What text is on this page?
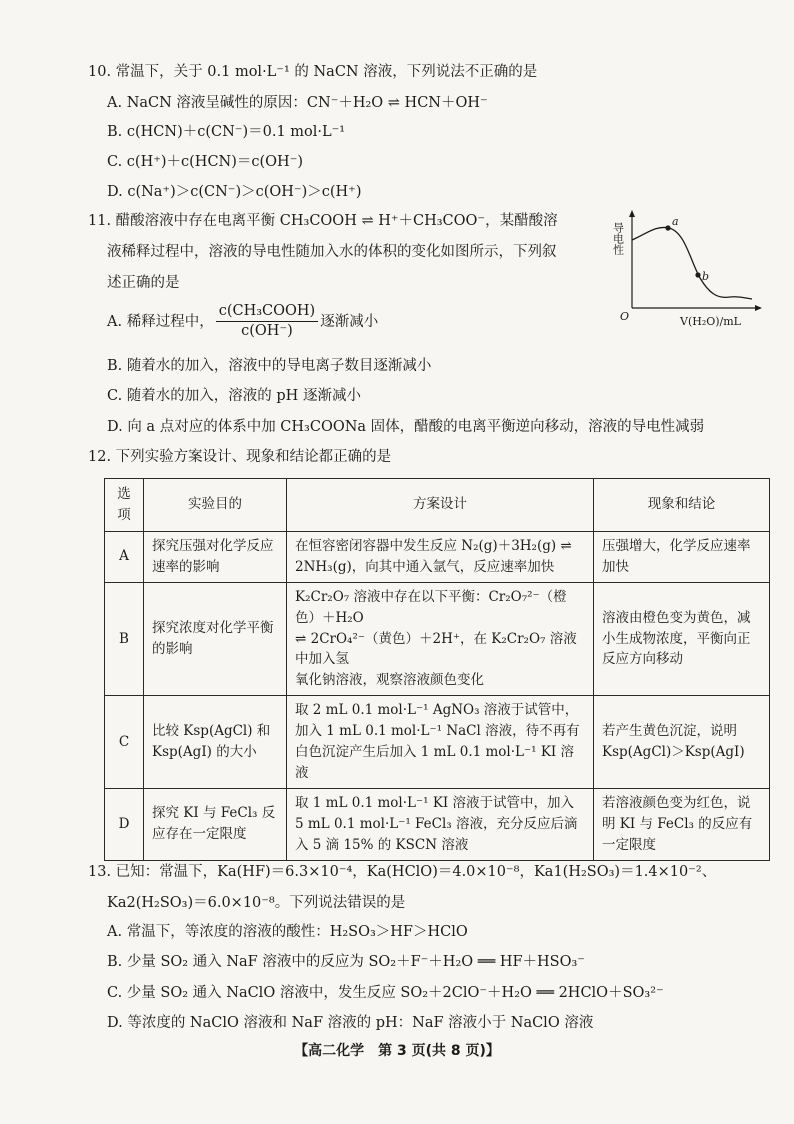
10. 常温下，关于 0.1 mol·L⁻¹ 的 NaCN 溶液，下列说法不正确的是
A. NaCN 溶液呈碱性的原因：CN⁻＋H₂O ⇌ HCN＋OH⁻
B. c(HCN)＋c(CN⁻)＝0.1 mol·L⁻¹
C. c(H⁺)＋c(HCN)＝c(OH⁻)
D. c(Na⁺)＞c(CN⁻)＞c(OH⁻)＞c(H⁺)
11. 醋酸溶液中存在电离平衡 CH₃COOH ⇌ H⁺＋CH₃COO⁻，某醋酸溶
液稀释过程中，溶液的导电性随加入水的体积的变化如图所示，下列叙
述正确的是
A. 稀释过程中， $\frac{\text{c(CH₃COOH)}}{c(OH^-)}$ 逐渐减小
B. 随着水的加入，溶液中的导电离子数目逐渐减小
C. 随着水的加入，溶液的 pH 逐渐减小
D. 向 a 点对应的体系中加 CH₃COONa 固体，醋酸的电离平衡逆向移动，溶液的导电性减弱
a
b
O	V(H₂O)/mL
导电性
12. 下列实验方案设计、现象和结论都正确的是
选项	实验目的	方案设计	现象和结论
A	探究压强对化学反应速率的影响	在恒容密闭容器中发生反应 N₂(g)＋3H₂(g) ⇌ 2NH₃(g)，向其中通入氩气，反应速率加快	压强增大，化学反应速率加快
B	探究浓度对化学平衡的影响	K₂Cr₂O₇ 溶液中存在以下平衡：Cr₂O₇²⁻（橙色）＋H₂O
⇌ 2CrO₄²⁻（黄色）＋2H⁺，在 K₂Cr₂O₇ 溶液中加入氢
氧化钠溶液，观察溶液颜色变化	溶液由橙色变为黄色，减小生成物浓度，平衡向正反应方向移动
C	比较 Ksp(AgCl) 和 Ksp(AgI) 的大小	取 2 mL 0.1 mol·L⁻¹ AgNO₃ 溶液于试管中，加入 1 mL 0.1 mol·L⁻¹ NaCl 溶液，待不再有白色沉淀产生后加入 1 mL 0.1 mol·L⁻¹ KI 溶液	若产生黄色沉淀，说明 Ksp(AgCl)＞Ksp(AgI)
D	探究 KI 与 FeCl₃ 反应存在一定限度	取 1 mL 0.1 mol·L⁻¹ KI 溶液于试管中，加入 5 mL 0.1 mol·L⁻¹ FeCl₃ 溶液，充分反应后滴入 5 滴 15% 的 KSCN 溶液	若溶液颜色变为红色，说明 KI 与 FeCl₃ 的反应有一定限度
13. 已知：常温下，Ka(HF)＝6.3×10⁻⁴，Ka(HClO)＝4.0×10⁻⁸，Ka1(H₂SO₃)＝1.4×10⁻²、
Ka2(H₂SO₃)＝6.0×10⁻⁸。下列说法错误的是
A. 常温下，等浓度的溶液的酸性：H₂SO₃＞HF＞HClO
B. 少量 SO₂ 通入 NaF 溶液中的反应为 SO₂＋F⁻＋H₂O ══ HF＋HSO₃⁻
C. 少量 SO₂ 通入 NaClO 溶液中，发生反应 SO₂＋2ClO⁻＋H₂O ══ 2HClO＋SO₃²⁻
D. 等浓度的 NaClO 溶液和 NaF 溶液的 pH：NaF 溶液小于 NaClO 溶液
【高二化学　第 3 页(共 8 页)】
